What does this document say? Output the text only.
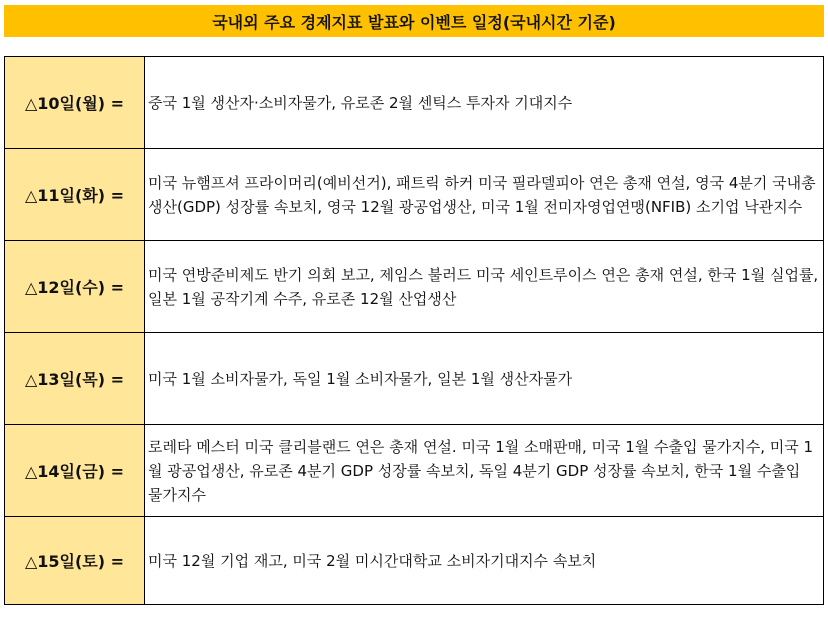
국내외 주요 경제지표 발표와 이벤트 일정(국내시간 기준)
△10일(월) =	중국 1월 생산자·소비자물가, 유로존 2월 센틱스 투자자 기대지수
△11일(화) =	미국 뉴햄프셔 프라이머리(예비선거), 패트릭 하커 미국 필라델피아 연은 총재 연설, 영국 4분기 국내총생산(GDP) 성장률 속보치, 영국 12월 광공업생산, 미국 1월 전미자영업연맹(NFIB) 소기업 낙관지수
△12일(수) =	미국 연방준비제도 반기 의회 보고, 제임스 불러드 미국 세인트루이스 연은 총재 연설, 한국 1월 실업률, 일본 1월 공작기계 수주, 유로존 12월 산업생산
△13일(목) =	미국 1월 소비자물가, 독일 1월 소비자물가, 일본 1월 생산자물가
△14일(금) =	로레타 메스터 미국 클리블랜드 연은 총재 연설. 미국 1월 소매판매, 미국 1월 수출입 물가지수, 미국 1월 광공업생산, 유로존 4분기 GDP 성장률 속보치, 독일 4분기 GDP 성장률 속보치, 한국 1월 수출입 물가지수
△15일(토) =	미국 12월 기업 재고, 미국 2월 미시간대학교 소비자기대지수 속보치
